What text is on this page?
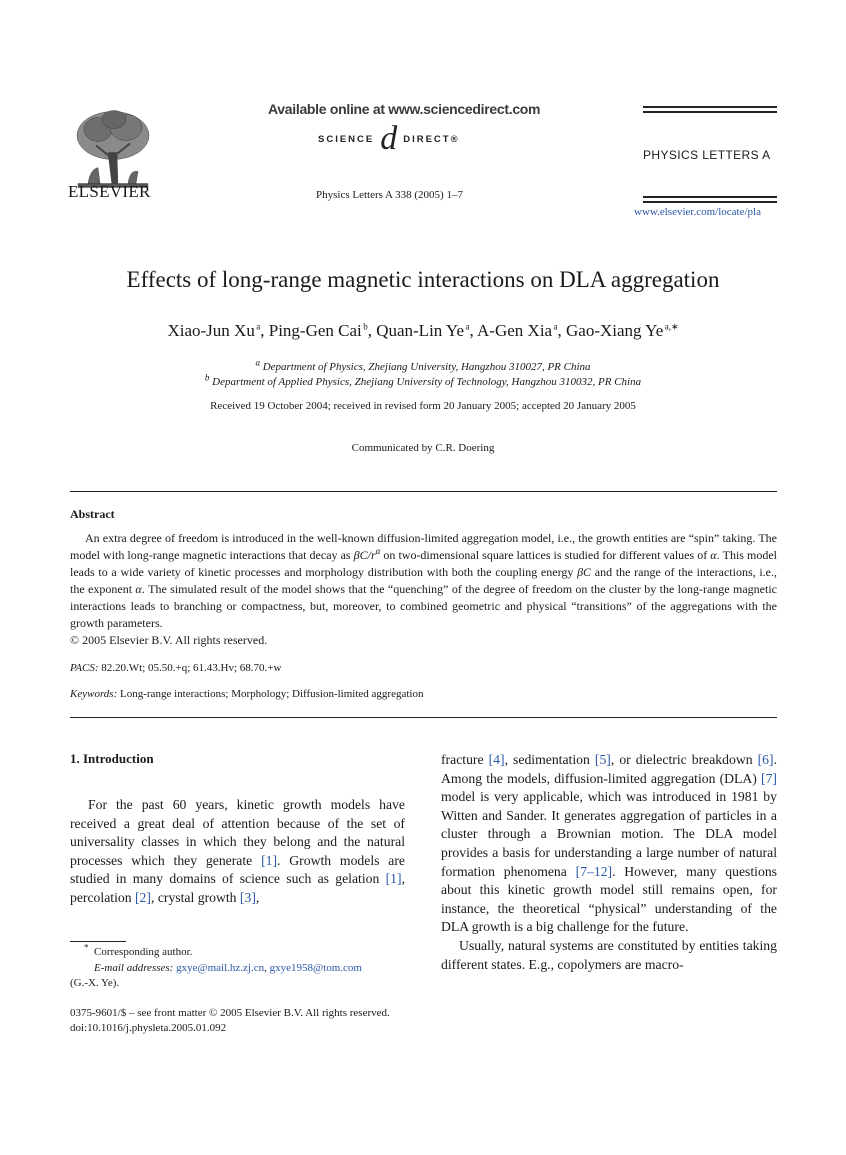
ELSEVIER
Available online at www.sciencedirect.com
SCIENCE d DIRECT®
Physics Letters A 338 (2005) 1–7
PHYSICS LETTERS A
www.elsevier.com/locate/pla
Effects of long-range magnetic interactions on DLA aggregation
Xiao-Jun Xu $^a$, Ping-Gen Cai $^b$, Quan-Lin Ye $^a$, A-Gen Xia $^a$, Gao-Xiang Ye $^{a,∗}$
$^a$ Department of Physics, Zhejiang University, Hangzhou 310027, PR China
$^b$ Department of Applied Physics, Zhejiang University of Technology, Hangzhou 310032, PR China
Received 19 October 2004; received in revised form 20 January 2005; accepted 20 January 2005
Communicated by C.R. Doering
Abstract
An extra degree of freedom is introduced in the well-known diffusion-limited aggregation model, i.e., the growth entities are “spin” taking. The model with long-range magnetic interactions that decay as $\beta C/r^\alpha$ on two-dimensional square lattices is studied for different values of α. This model leads to a wide variety of kinetic processes and morphology distribution with both the coupling energy βC and the range of the interactions, i.e., the exponent α. The simulated result of the model shows that the “quenching” of the degree of freedom on the cluster by the long-range magnetic interactions leads to branching or compactness, but, moreover, to combined geometric and physical “transitions” of the aggregations with the growth parameters.
© 2005 Elsevier B.V. All rights reserved.
PACS: 82.20.Wt; 05.50.+q; 61.43.Hv; 68.70.+w
Keywords: Long-range interactions; Morphology; Diffusion-limited aggregation
1. Introduction
For the past 60 years, kinetic growth models have received a great deal of attention because of the set of universality classes in which they belong and the natural processes which they generate [1]. Growth models are studied in many domains of science such as gelation [1], percolation [2], crystal growth [3],

fracture [4], sedimentation [5], or dielectric breakdown [6]. Among the models, diffusion-limited aggregation (DLA) [7] model is very applicable, which was introduced in 1981 by Witten and Sander. It generates aggregation of particles in a cluster through a Brownian motion. The DLA model provides a basis for understanding a large number of natural formation phenomena [7–12]. However, many questions about this kinetic growth model still remains open, for instance, the theoretical “physical” understanding of the DLA growth is a big challenge for the future.

Usually, natural systems are constituted by entities taking different states. E.g., copolymers are macro-

* Corresponding author.
E-mail addresses: gxye@mail.hz.zj.cn, gxye1958@tom.com
(G.-X. Ye).
0375-9601/$ – see front matter © 2005 Elsevier B.V. All rights reserved.
doi:10.1016/j.physleta.2005.01.092
